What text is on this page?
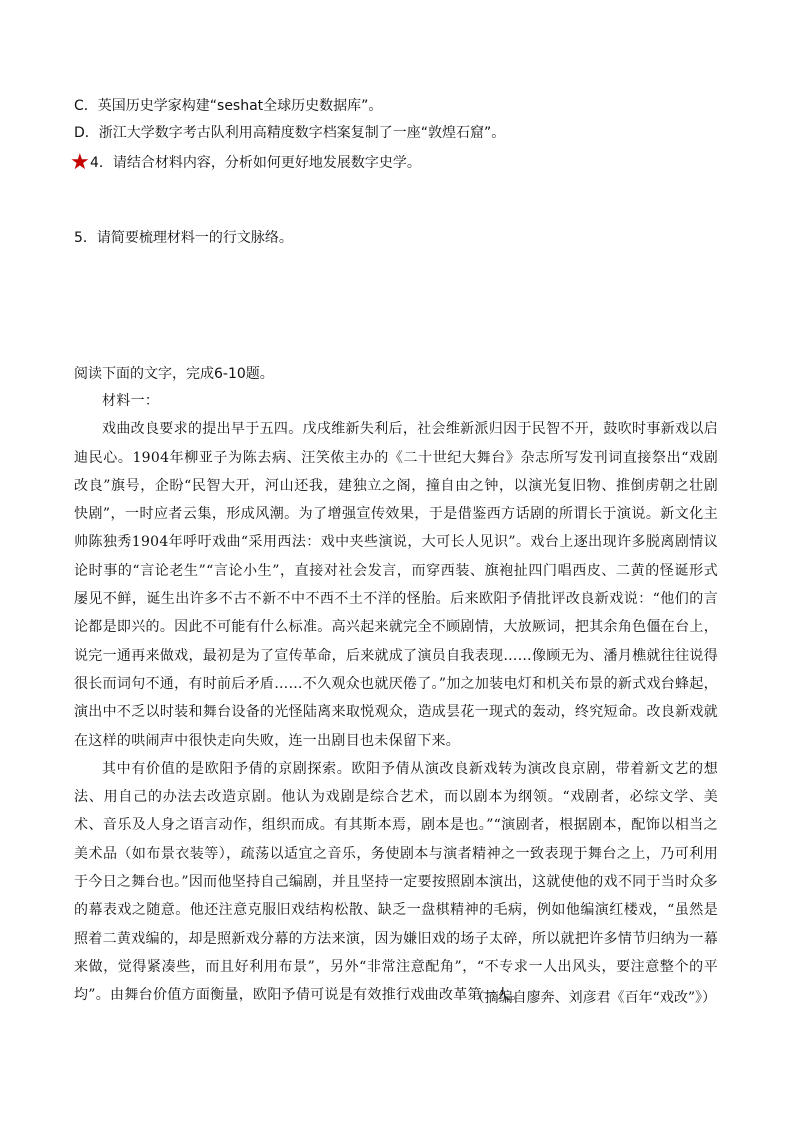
C．英国历史学家构建“seshat全球历史数据库”。
D．浙江大学数字考古队利用高精度数字档案复制了一座“敦煌石窟”。
★ 4．请结合材料内容，分析如何更好地发展数字史学。
5．请简要梳理材料一的行文脉络。
阅读下面的文字，完成6-10题。

材料一：

戏曲改良要求的提出早于五四。戊戌维新失利后，社会维新派归因于民智不开，鼓吹时事新戏以启迪民心。1904年柳亚子为陈去病、汪笑侬主办的《二十世纪大舞台》杂志所写发刊词直接祭出“戏剧改良”旗号，企盼“民智大开，河山还我，建独立之阁，撞自由之钟，以演光复旧物、推倒虏朝之壮剧快剧”，一时应者云集，形成风潮。为了增强宣传效果，于是借鉴西方话剧的所谓长于演说。新文化主帅陈独秀1904年呼吁戏曲“采用西法：戏中夹些演说，大可长人见识”。戏台上逐出现许多脱离剧情议论时事的“言论老生”“言论小生”，直接对社会发言，而穿西装、旗袍扯四门唱西皮、二黄的怪诞形式屡见不鲜，诞生出许多不古不新不中不西不土不洋的怪胎。后来欧阳予倩批评改良新戏说：“他们的言论都是即兴的。因此不可能有什么标准。高兴起来就完全不顾剧情，大放厥词，把其余角色僵在台上，说完一通再来做戏，最初是为了宣传革命，后来就成了演员自我表现……像顾无为、潘月樵就往往说得很长而词句不通，有时前后矛盾……不久观众也就厌倦了。”加之加装电灯和机关布景的新式戏台蜂起，演出中不乏以时装和舞台设备的光怪陆离来取悦观众，造成昙花一现式的轰动，终究短命。改良新戏就在这样的哄闹声中很快走向失败，连一出剧目也未保留下来。

其中有价值的是欧阳予倩的京剧探索。欧阳予倩从演改良新戏转为演改良京剧，带着新文艺的想法、用自己的办法去改造京剧。他认为戏剧是综合艺术，而以剧本为纲领。“戏剧者，必综文学、美术、音乐及人身之语言动作，组织而成。有其斯本焉，剧本是也。”“演剧者，根据剧本，配饰以相当之美术品（如布景衣装等），疏荡以适宜之音乐，务使剧本与演者精神之一致表现于舞台之上，乃可利用于今日之舞台也。”因而他坚持自己编剧，并且坚持一定要按照剧本演出，这就使他的戏不同于当时众多的幕表戏之随意。他还注意克服旧戏结构松散、缺乏一盘棋精神的毛病，例如他编演红楼戏，“虽然是照着二黄戏编的，却是照新戏分幕的方法来演，因为嫌旧戏的场子太碎，所以就把许多情节归纳为一幕来做，觉得紧凑些，而且好利用布景”，另外“非常注意配角”，“不专求一人出风头，要注意整个的平均”。由舞台价值方面衡量，欧阳予倩可说是有效推行戏曲改革第一人。

（摘编自廖奔、刘彦君《百年“戏改”》）
